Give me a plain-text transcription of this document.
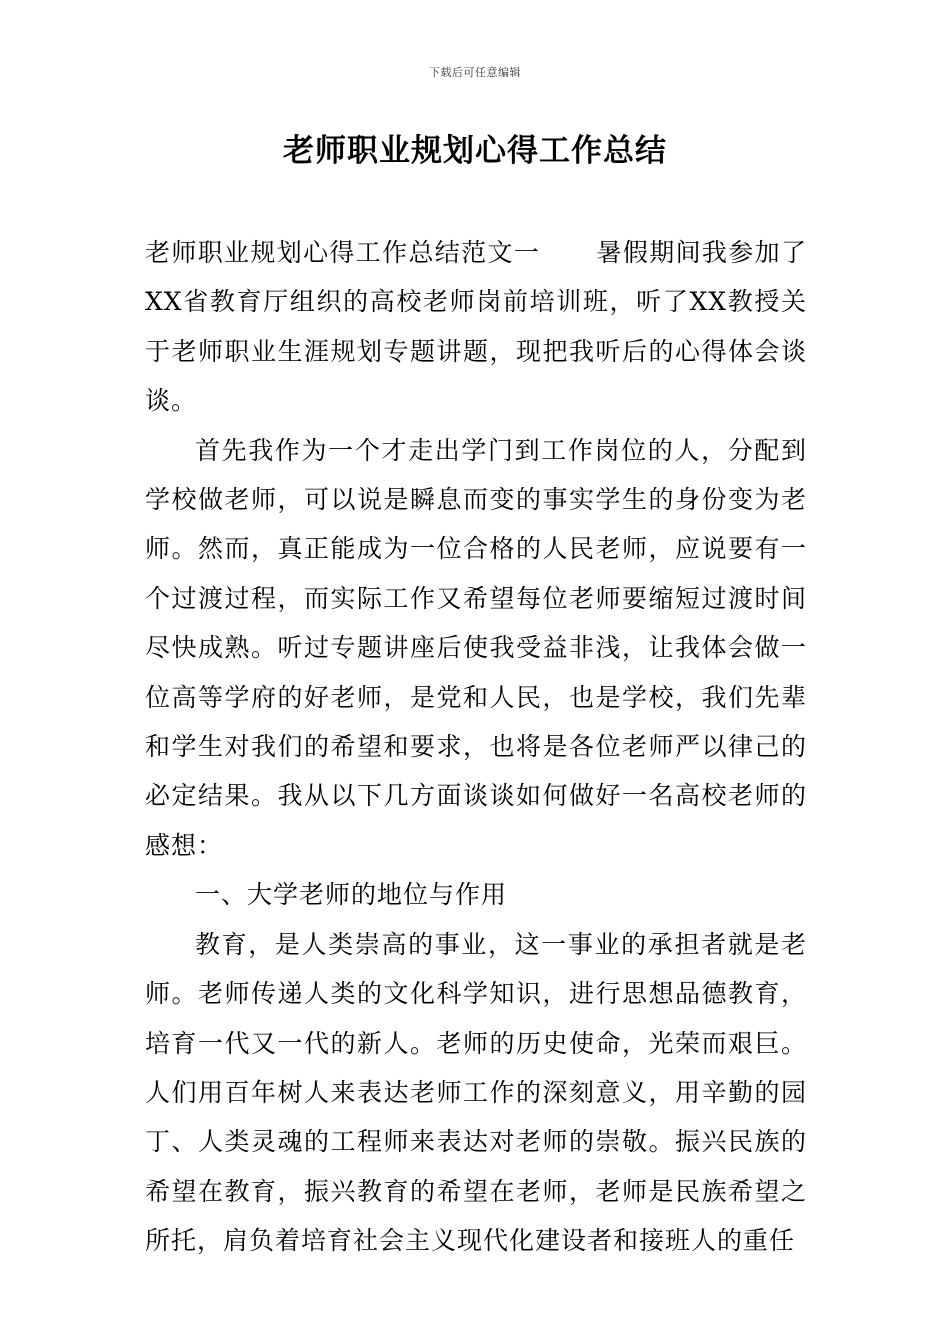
下载后可任意编辑
老师职业规划心得工作总结

老师职业规划心得工作总结范文一 暑假期间我参加了XX省教育厅组织的高校老师岗前培训班，听了XX教授关于老师职业生涯规划专题讲题，现把我听后的心得体会谈谈。

首先我作为一个才走出学门到工作岗位的人，分配到学校做老师，可以说是瞬息而变的事实学生的身份变为老师。然而，真正能成为一位合格的人民老师，应说要有一个过渡过程，而实际工作又希望每位老师要缩短过渡时间尽快成熟。听过专题讲座后使我受益非浅，让我体会做一位高等学府的好老师，是党和人民，也是学校，我们先辈和学生对我们的希望和要求，也将是各位老师严以律己的必定结果。我从以下几方面谈谈如何做好一名高校老师的感想：

一、大学老师的地位与作用

教育，是人类崇高的事业，这一事业的承担者就是老师。老师传递人类的文化科学知识，进行思想品德教育，培育一代又一代的新人。老师的历史使命，光荣而艰巨。人们用百年树人来表达老师工作的深刻意义，用辛勤的园丁、人类灵魂的工程师来表达对老师的崇敬。振兴民族的希望在教育，振兴教育的希望在老师，老师是民族希望之所托，肩负着培育社会主义现代化建设者和接班人的重任
